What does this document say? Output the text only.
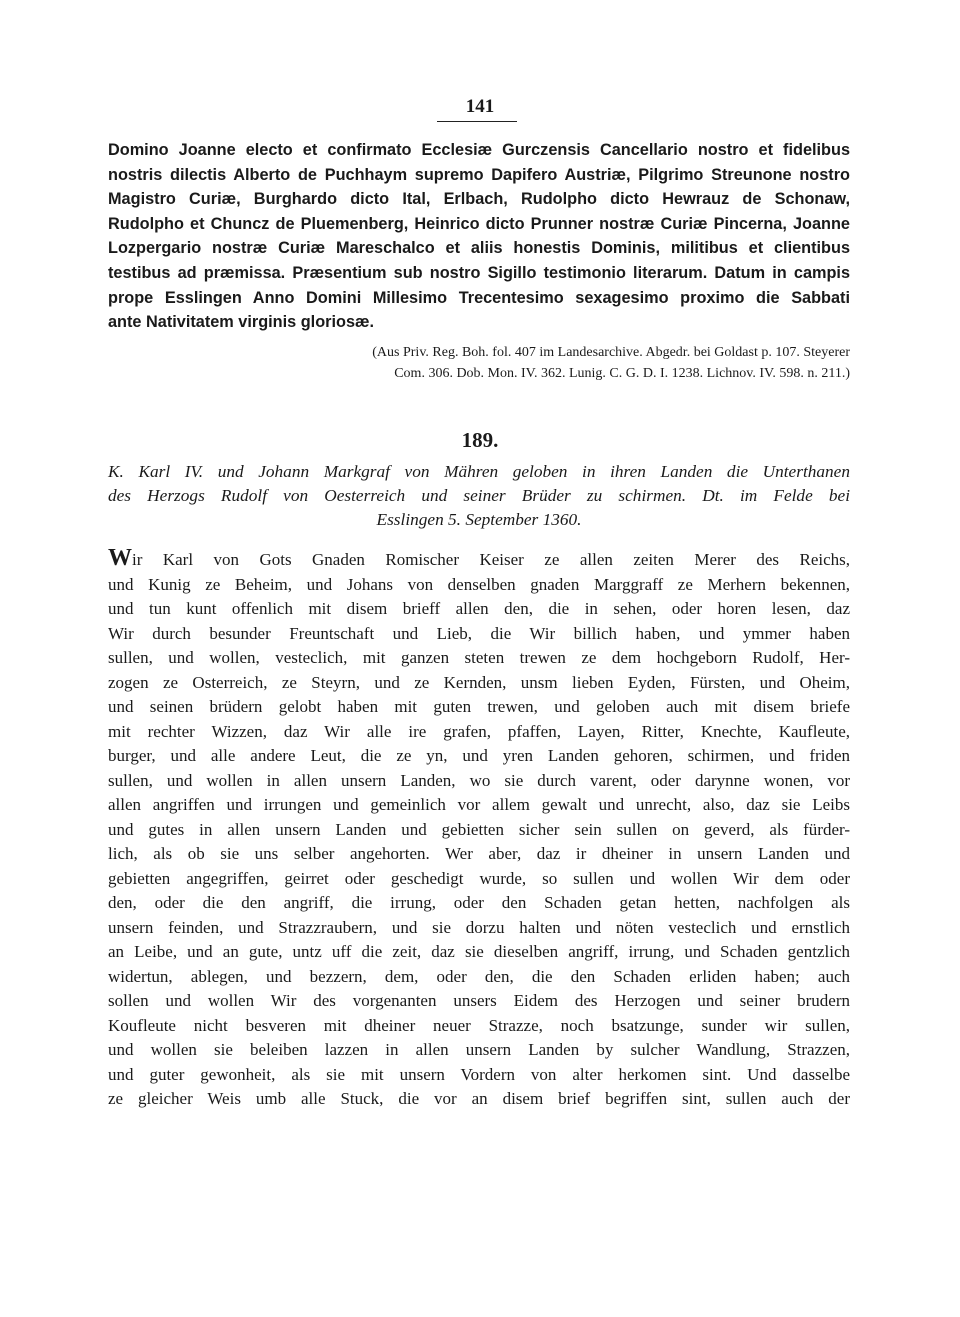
141

Domino Joanne electo et confirmato Ecclesiæ Gurczensis Cancellario nostro et fidelibus
nostris dilectis Alberto de Puchhaym supremo Dapifero Austriæ, Pilgrimo Streunone nostro
Magistro Curiæ, Burghardo dicto Ital, Erlbach, Rudolpho dicto Hewrauz de Schonaw,
Rudolpho et Chuncz de Pluemenberg, Heinrico dicto Prunner nostræ Curiæ Pincerna, Joanne
Lozpergario nostræ Curiæ Mareschalco et aliis honestis Dominis, militibus et clientibus
testibus ad præmissa. Præsentium sub nostro Sigillo testimonio literarum. Datum in campis
prope Esslingen Anno Domini Millesimo Trecentesimo sexagesimo proximo die Sabbati
ante Nativitatem virginis gloriosæ.

(Aus Priv. Reg. Boh. fol. 407 im Landesarchive. Abgedr. bei Goldast p. 107. Steyerer
Com. 306. Dob. Mon. IV. 362. Lunig. C. G. D. I. 1238. Lichnov. IV. 598. n. 211.)

189.

K. Karl IV. und Johann Markgraf von Mähren geloben in ihren Landen die Unterthanen
des Herzogs Rudolf von Oesterreich und seiner Brüder zu schirmen. Dt. im Felde bei
Esslingen 5. September 1360.

Wir Karl von Gots Gnaden Romischer Keiser ze allen zeiten Merer des Reichs,
und Kunig ze Beheim, und Johans von denselben gnaden Marggraff ze Merhern bekennen,
und tun kunt offenlich mit disem brieff allen den, die in sehen, oder horen lesen, daz
Wir durch besunder Freuntschaft und Lieb, die Wir billich haben, und ymmer haben
sullen, und wollen, vesteclich, mit ganzen steten trewen ze dem hochgeborn Rudolf, Her-
zogen ze Osterreich, ze Steyrn, und ze Kernden, unsm lieben Eyden, Fürsten, und Oheim,
und seinen brüdern gelobt haben mit guten trewen, und geloben auch mit disem briefe
mit rechter Wizzen, daz Wir alle ire grafen, pfaffen, Layen, Ritter, Knechte, Kaufleute,
burger, und alle andere Leut, die ze yn, und yren Landen gehoren, schirmen, und friden
sullen, und wollen in allen unsern Landen, wo sie durch varent, oder darynne wonen, vor
allen angriffen und irrungen und gemeinlich vor allem gewalt und unrecht, also, daz sie Leibs
und gutes in allen unsern Landen und gebietten sicher sein sullen on geverd, als fürder-
lich, als ob sie uns selber angehorten. Wer aber, daz ir dheiner in unsern Landen und
gebietten angegriffen, geirret oder geschedigt wurde, so sullen und wollen Wir dem oder
den, oder die den angriff, die irrung, oder den Schaden getan hetten, nachfolgen als
unsern feinden, und Strazzraubern, und sie dorzu halten und nöten vesteclich und ernstlich
an Leibe, und an gute, untz uff die zeit, daz sie dieselben angriff, irrung, und Schaden gentzlich
widertun, ablegen, und bezzern, dem, oder den, die den Schaden erliden haben; auch
sollen und wollen Wir des vorgenanten unsers Eidem des Herzogen und seiner brudern
Koufleute nicht besveren mit dheiner neuer Strazze, noch bsatzunge, sunder wir sullen,
und wollen sie beleiben lazzen in allen unsern Landen by sulcher Wandlung, Strazzen,
und guter gewonheit, als sie mit unsern Vordern von alter herkomen sint. Und dasselbe
ze gleicher Weis umb alle Stuck, die vor an disem brief begriffen sint, sullen auch der
